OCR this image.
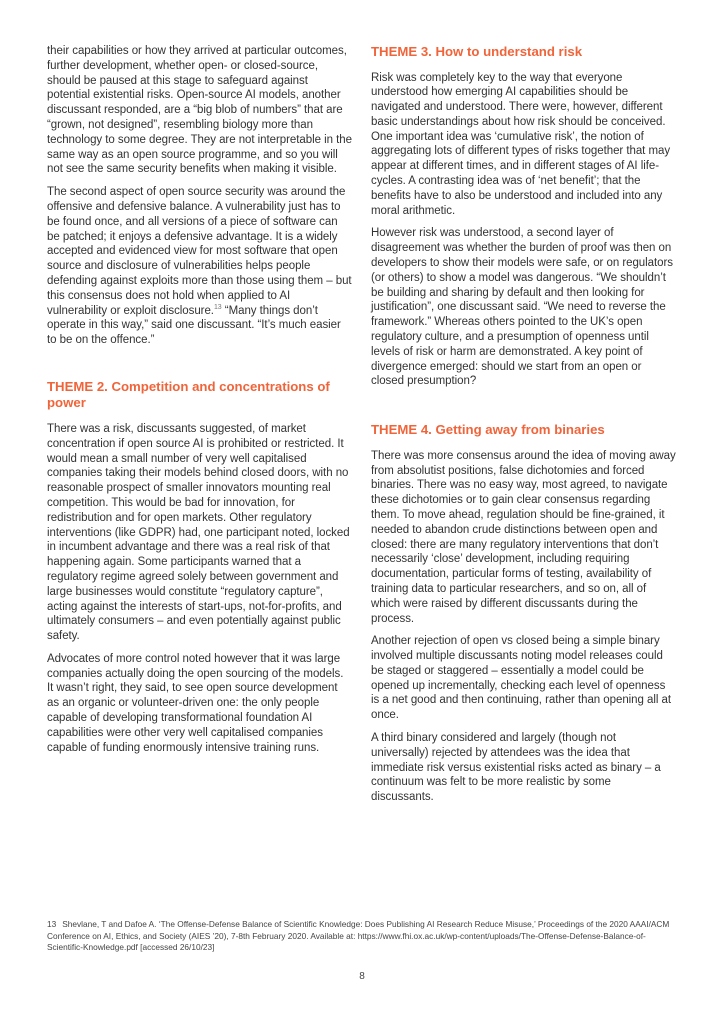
their capabilities or how they arrived at particular outcomes, further development, whether open- or closed-source, should be paused at this stage to safeguard against potential existential risks. Open-source AI models, another discussant responded, are a “big blob of numbers” that are “grown, not designed”, resembling biology more than technology to some degree. They are not interpretable in the same way as an open source programme, and so you will not see the same security benefits when making it visible.

The second aspect of open source security was around the offensive and defensive balance. A vulnerability just has to be found once, and all versions of a piece of software can be patched; it enjoys a defensive advantage. It is a widely accepted and evidenced view for most software that open source and disclosure of vulnerabilities helps people defending against exploits more than those using them – but this consensus does not hold when applied to AI vulnerability or exploit disclosure.$^{13}$ “Many things don’t operate in this way,” said one discussant. “It’s much easier to be on the offence.”

THEME 2. Competition and concentrations of power

There was a risk, discussants suggested, of market concentration if open source AI is prohibited or restricted. It would mean a small number of very well capitalised companies taking their models behind closed doors, with no reasonable prospect of smaller innovators mounting real competition. This would be bad for innovation, for redistribution and for open markets. Other regulatory interventions (like GDPR) had, one participant noted, locked in incumbent advantage and there was a real risk of that happening again. Some participants warned that a regulatory regime agreed solely between government and large businesses would constitute “regulatory capture”, acting against the interests of start-ups, not-for-profits, and ultimately consumers – and even potentially against public safety.

Advocates of more control noted however that it was large companies actually doing the open sourcing of the models. It wasn’t right, they said, to see open source development as an organic or volunteer-driven one: the only people capable of developing transformational foundation AI capabilities were other very well capitalised companies capable of funding enormously intensive training runs.

THEME 3. How to understand risk

Risk was completely key to the way that everyone understood how emerging AI capabilities should be navigated and understood. There were, however, different basic understandings about how risk should be conceived. One important idea was ‘cumulative risk’, the notion of aggregating lots of different types of risks together that may appear at different times, and in different stages of AI life-cycles. A contrasting idea was of ‘net benefit’; that the benefits have to also be understood and included into any moral arithmetic.

However risk was understood, a second layer of disagreement was whether the burden of proof was then on developers to show their models were safe, or on regulators (or others) to show a model was dangerous. “We shouldn’t be building and sharing by default and then looking for justification”, one discussant said. “We need to reverse the framework.” Whereas others pointed to the UK’s open regulatory culture, and a presumption of openness until levels of risk or harm are demonstrated. A key point of divergence emerged: should we start from an open or closed presumption?

THEME 4. Getting away from binaries

There was more consensus around the idea of moving away from absolutist positions, false dichotomies and forced binaries. There was no easy way, most agreed, to navigate these dichotomies or to gain clear consensus regarding them. To move ahead, regulation should be fine-grained, it needed to abandon crude distinctions between open and closed: there are many regulatory interventions that don’t necessarily ‘close’ development, including requiring documentation, particular forms of testing, availability of training data to particular researchers, and so on, all of which were raised by different discussants during the process.

Another rejection of open vs closed being a simple binary involved multiple discussants noting model releases could be staged or staggered – essentially a model could be opened up incrementally, checking each level of openness is a net good and then continuing, rather than opening all at once.

A third binary considered and largely (though not universally) rejected by attendees was the idea that immediate risk versus existential risks acted as binary – a continuum was felt to be more realistic by some discussants.

13 Shevlane, T and Dafoe A. ‘The Offense-Defense Balance of Scientific Knowledge: Does Publishing AI Research Reduce Misuse,’ Proceedings of the 2020 AAAI/ACM Conference on AI, Ethics, and Society (AIES ’20), 7-8th February 2020. Available at: https://www.fhi.ox.ac.uk/wp-content/uploads/The-Offense-Defense-Balance-of-Scientific-Knowledge.pdf [accessed 26/10/23]
8
